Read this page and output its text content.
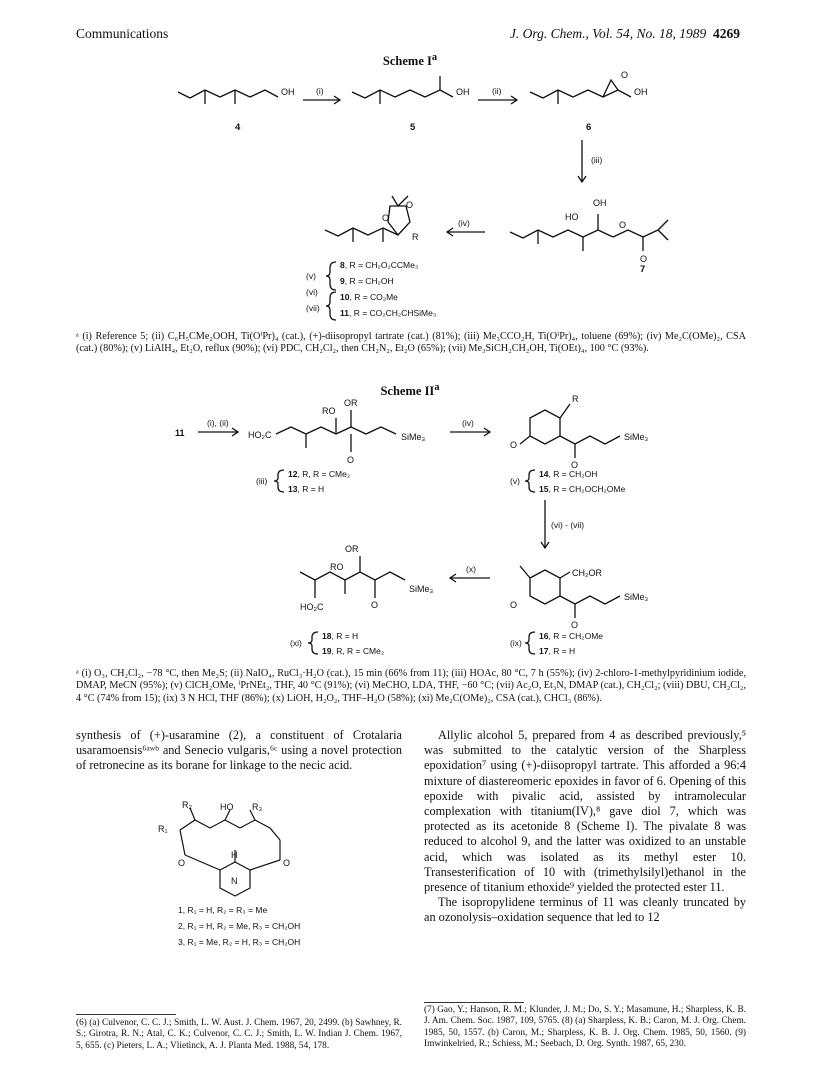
Communications	J. Org. Chem., Vol. 54, No. 18, 1989 4269
Scheme $I^a$
OH	OH	OH
O
OH
HO
O
O
R
O
O
4	5	6
7
(i)	(ii)
(iii)
(iv)
(v)
(vi)
(vii)
8, R = CH₂O₂CCMe₃
9, R = CH₂OH
10, R = CO₂Me
11, R = CO₂CH₂CHSiMe₃
ᵃ (i) Reference 5; (ii) C₆H₅CMe₂OOH, Ti(OⁱPr)₄ (cat.), (+)-diisopropyl tartrate (cat.) (81%); (iii) Me₃CCO₂H, Ti(OⁱPr)₄, toluene (69%); (iv) Me₂C(OMe)₂, CSA (cat.) (80%); (v) LiAlH₄, Et₂O, reflux (90%); (vi) PDC, CH₂Cl₂, then CH₂N₂, Et₂O (65%); (vii) Me₃SiCH₂CH₂OH, Ti(OEt)₄, 100 °C (93%).
Scheme $II^a$
11
(i), (ii)
HO₂C
RO
OR
SiMe₃
O
(iv)
O
R
SiMe₃
O
(vi) - (vii)
CH₂OR
SiMe₃
O
O
(x)
OR
RO
SiMe₃
O
HO₂C
(iii)
12, R, R = CMe₂
13, R = H
(v)
14, R = CH₂OH
15, R = CH₂OCH₂OMe
(xi)
18, R = H
19, R, R = CMe₂
(ix)
16, R = CH₂OMe
17, R = H
ᵃ (i) O₃, CH₂Cl₂, −78 °C, then Me₂S; (ii) NaIO₄, RuCl₃·H₂O (cat.), 15 min (66% from 11); (iii) HOAc, 80 °C, 7 h (55%); (iv) 2-chloro-1-methylpyridinium iodide, DMAP, MeCN (95%); (v) ClCH₂OMe, ⁱPrNEt₂, THF, 40 °C (91%); (vi) MeCHO, LDA, THF, −60 °C; (vii) Ac₂O, Et₃N, DMAP (cat.), CH₂Cl₂; (viii) DBU, CH₂Cl₂, 4 °C (74% from 15); (ix) 3 N HCl, THF (86%); (x) LiOH, H₂O₂, THF–H₂O (58%); (xi) Me₂C(OMe)₂, CSA (cat.), CHCl₃ (86%).

synthesis of (+)-usaramine (2), a constituent of Crotalaria usaramoensis⁶ᵃʷᵇ and Senecio vulgaris,⁶ᶜ using a novel protection of retronecine as its borane for linkage to the necic acid.

R₂
R₁
HO R₃
O	O
H
N
1, R₁ = H, R₂ = R₃ = Me
2, R₁ = H, R₂ = Me, R₃ = CH₂OH
3, R₁ = Me, R₂ = H, R₃ = CH₂OH
(6) (a) Culvenor, C. C. J.; Smith, L. W. Aust. J. Chem. 1967, 20, 2499. (b) Sawhney, R. S.; Girotra, R. N.; Atal, C. K.; Culvenor, C. C. J.; Smith, L. W. Indian J. Chem. 1967, 5, 655. (c) Pieters, L. A.; Vlietinck, A. J. Planta Med. 1988, 54, 178.

Allylic alcohol 5, prepared from 4 as described previously,⁵ was submitted to the catalytic version of the Sharpless epoxidation⁷ using (+)-diisopropyl tartrate. This afforded a 96:4 mixture of diastereomeric epoxides in favor of 6. Opening of this epoxide with pivalic acid, assisted by intramolecular complexation with titanium(IV),⁸ gave diol 7, which was protected as its acetonide 8 (Scheme I). The pivalate 8 was reduced to alcohol 9, and the latter was oxidized to an unstable acid, which was isolated as its methyl ester 10. Transesterification of 10 with (trimethylsilyl)ethanol in the presence of titanium ethoxide⁹ yielded the protected ester 11.

The isopropylidene terminus of 11 was cleanly truncated by an ozonolysis–oxidation sequence that led to 12

(7) Gao, Y.; Hanson, R. M.; Klunder, J. M.; Do, S. Y.; Masamune, H.; Sharpless, K. B. J. Am. Chem. Soc. 1987, 109, 5765. (8) (a) Sharpless, K. B.; Caron, M. J. Org. Chem. 1985, 50, 1557. (b) Caron, M.; Sharpless, K. B. J. Org. Chem. 1985, 50, 1560. (9) Imwinkelried, R.; Schiess, M.; Seebach, D. Org. Synth. 1987, 65, 230.
